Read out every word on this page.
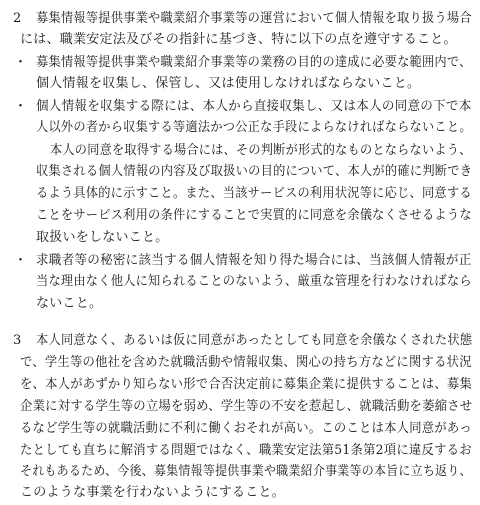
2 募集情報等提供事業や職業紹介事業等の運営において個人情報を取り扱う場合
には、職業安定法及びその指針に基づき、特に以下の点を遵守すること。
・ 募集情報等提供事業や職業紹介事業等の業務の目的の達成に必要な範囲内で、
個人情報を収集し、保管し、又は使用しなければならないこと。
・ 個人情報を収集する際には、本人から直接収集し、又は本人の同意の下で本
人以外の者から収集する等適法かつ公正な手段によらなければならないこと。
本人の同意を取得する場合には、その判断が形式的なものとならないよう、
収集される個人情報の内容及び取扱いの目的について、本人が的確に判断でき
るよう具体的に示すこと。また、当該サービスの利用状況等に応じ、同意する
ことをサービス利用の条件にすることで実質的に同意を余儀なくさせるような
取扱いをしないこと。
・ 求職者等の秘密に該当する個人情報を知り得た場合には、当該個人情報が正
当な理由なく他人に知られることのないよう、厳重な管理を行わなければなら
ないこと。
3 本人同意なく、あるいは仮に同意があったとしても同意を余儀なくされた状態
で、学生等の他社を含めた就職活動や情報収集、関心の持ち方などに関する状況
を、本人があずかり知らない形で合否決定前に募集企業に提供することは、募集
企業に対する学生等の立場を弱め、学生等の不安を惹起し、就職活動を萎縮させ
るなど学生等の就職活動に不利に働くおそれが高い。このことは本人同意があっ
たとしても直ちに解消する問題ではなく、職業安定法第51条第2項に違反するお
それもあるため、今後、募集情報等提供事業や職業紹介事業等の本旨に立ち返り、
このような事業を行わないようにすること。
